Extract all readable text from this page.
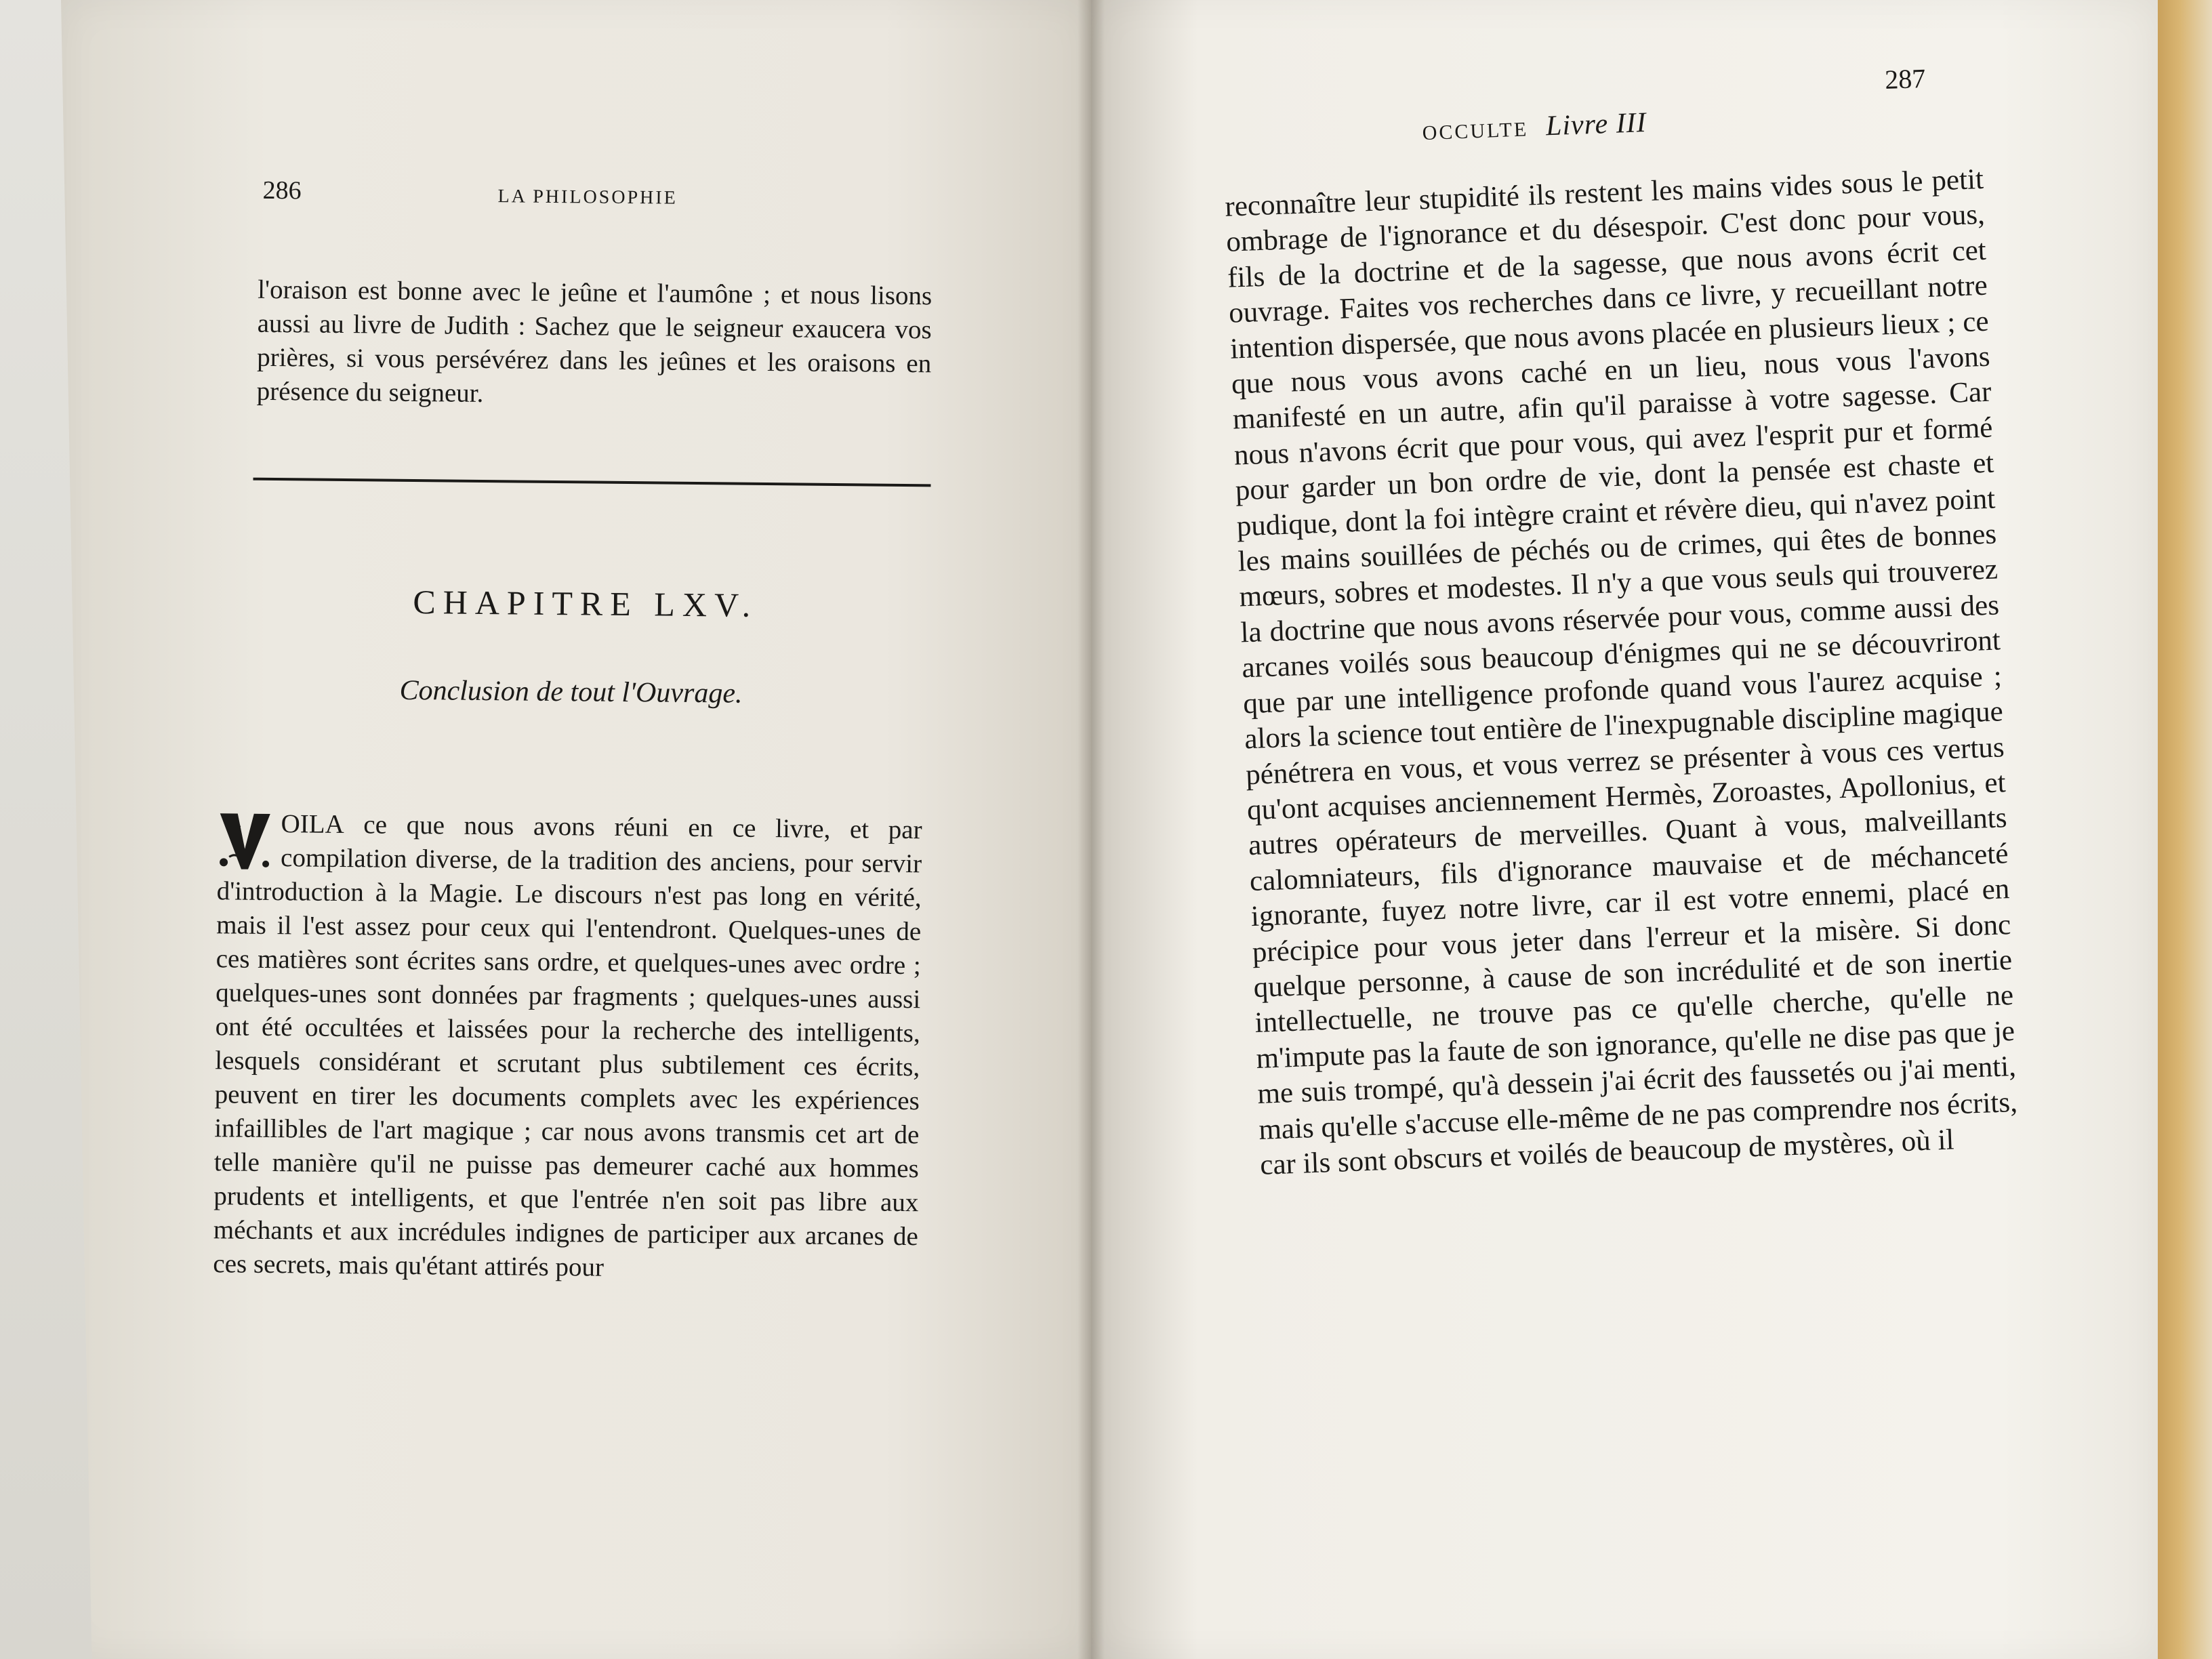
286	LA PHILOSOPHIE
l'oraison est bonne avec le jeûne et l'aumône ; et nous lisons aussi au livre de Judith : Sachez que le seigneur exaucera vos prières, si vous persévérez dans les jeûnes et les oraisons en présence du seigneur.
CHAPITRE LXV.
Conclusion de tout l'Ouvrage.
OILA ce que nous avons réuni en ce livre, et par compilation diverse, de la tradition des anciens, pour servir d'introduction à la Magie. Le discours n'est pas long en vérité, mais il l'est assez pour ceux qui l'entendront. Quelques-unes de ces matières sont écrites sans ordre, et quelques-unes avec ordre ; quelques-unes sont données par fragments ; quelques-unes aussi ont été occultées et laissées pour la recherche des intelligents, lesquels considérant et scrutant plus subtilement ces écrits, peuvent en tirer les documents complets avec les expériences infaillibles de l'art magique ; car nous avons transmis cet art de telle manière qu'il ne puisse pas demeurer caché aux hommes prudents et intelligents, et que l'entrée n'en soit pas libre aux méchants et aux incrédules indignes de participer aux arcanes de ces secrets, mais qu'étant attirés pour
OCCULTE Livre III
287
reconnaître leur stupidité ils restent les mains vides sous le petit ombrage de l'ignorance et du désespoir. C'est donc pour vous, fils de la doctrine et de la sagesse, que nous avons écrit cet ouvrage. Faites vos recherches dans ce livre, y recueillant notre intention dispersée, que nous avons placée en plusieurs lieux ; ce que nous vous avons caché en un lieu, nous vous l'avons manifesté en un autre, afin qu'il paraisse à votre sagesse. Car nous n'avons écrit que pour vous, qui avez l'esprit pur et formé pour garder un bon ordre de vie, dont la pensée est chaste et pudique, dont la foi intègre craint et révère dieu, qui n'avez point les mains souillées de péchés ou de crimes, qui êtes de bonnes mœurs, sobres et modestes. Il n'y a que vous seuls qui trouverez la doctrine que nous avons réservée pour vous, comme aussi des arcanes voilés sous beaucoup d'énigmes qui ne se découvriront que par une intelligence profonde quand vous l'aurez acquise ; alors la science tout entière de l'inexpugnable discipline magique pénétrera en vous, et vous verrez se présenter à vous ces vertus qu'ont acquises anciennement Hermès, Zoroastes, Apollonius, et autres opérateurs de merveilles. Quant à vous, malveillants calomniateurs, fils d'ignorance mauvaise et de méchanceté ignorante, fuyez notre livre, car il est votre ennemi, placé en précipice pour vous jeter dans l'erreur et la misère. Si donc quelque personne, à cause de son incrédulité et de son inertie intellectuelle, ne trouve pas ce qu'elle cherche, qu'elle ne m'impute pas la faute de son ignorance, qu'elle ne dise pas que je me suis trompé, qu'à dessein j'ai écrit des faussetés ou j'ai menti, mais qu'elle s'accuse elle-même de ne pas comprendre nos écrits, car ils sont obscurs et voilés de beaucoup de mystères, où il
